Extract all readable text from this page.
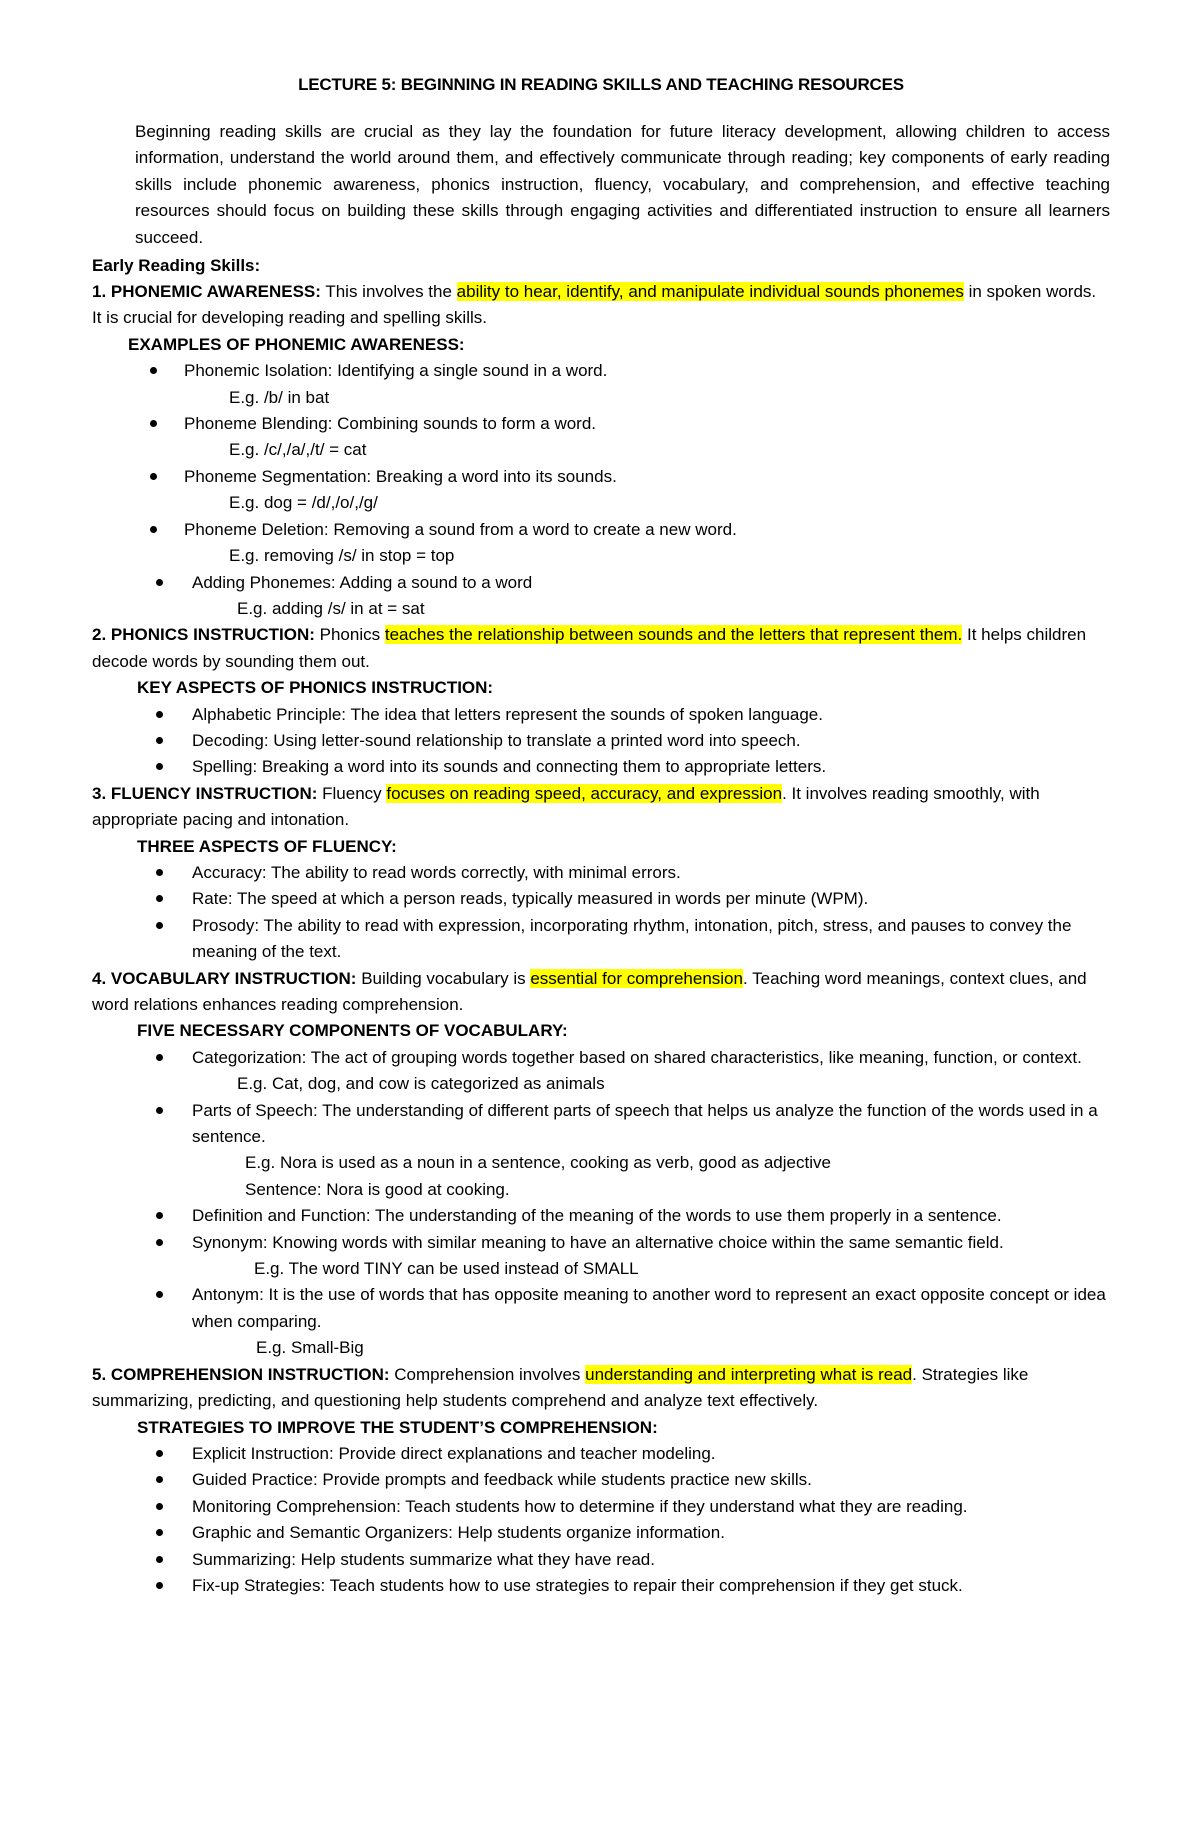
LECTURE 5: BEGINNING IN READING SKILLS AND TEACHING RESOURCES

Beginning reading skills are crucial as they lay the foundation for future literacy development, allowing children to access information, understand the world around them, and effectively communicate through reading; key components of early reading skills include phonemic awareness, phonics instruction, fluency, vocabulary, and comprehension, and effective teaching resources should focus on building these skills through engaging activities and differentiated instruction to ensure all learners succeed.

Early Reading Skills:

1. PHONEMIC AWARENESS: This involves the ability to hear, identify, and manipulate individual sounds phonemes in spoken words. It is crucial for developing reading and spelling skills.

EXAMPLES OF PHONEMIC AWARENESS:
Phonemic Isolation: Identifying a single sound in a word.

E.g. /b/ in bat

Phoneme Blending: Combining sounds to form a word.

E.g. /c/,/a/,/t/ = cat

Phoneme Segmentation: Breaking a word into its sounds.

E.g. dog = /d/,/o/,/g/

Phoneme Deletion: Removing a sound from a word to create a new word.

E.g. removing /s/ in stop = top

Adding Phonemes: Adding a sound to a word

E.g. adding /s/ in at = sat

2. PHONICS INSTRUCTION: Phonics teaches the relationship between sounds and the letters that represent them. It helps children decode words by sounding them out.

KEY ASPECTS OF PHONICS INSTRUCTION:
Alphabetic Principle: The idea that letters represent the sounds of spoken language.
Decoding: Using letter-sound relationship to translate a printed word into speech.
Spelling: Breaking a word into its sounds and connecting them to appropriate letters.

3. FLUENCY INSTRUCTION: Fluency focuses on reading speed, accuracy, and expression. It involves reading smoothly, with appropriate pacing and intonation.

THREE ASPECTS OF FLUENCY:
Accuracy: The ability to read words correctly, with minimal errors.
Rate: The speed at which a person reads, typically measured in words per minute (WPM).
Prosody: The ability to read with expression, incorporating rhythm, intonation, pitch, stress, and pauses to convey the meaning of the text.

4. VOCABULARY INSTRUCTION: Building vocabulary is essential for comprehension. Teaching word meanings, context clues, and word relations enhances reading comprehension.

FIVE NECESSARY COMPONENTS OF VOCABULARY:
Categorization: The act of grouping words together based on shared characteristics, like meaning, function, or context.

E.g. Cat, dog, and cow is categorized as animals

Parts of Speech: The understanding of different parts of speech that helps us analyze the function of the words used in a sentence.

E.g. Nora is used as a noun in a sentence, cooking as verb, good as adjective

Sentence: Nora is good at cooking.

Definition and Function: The understanding of the meaning of the words to use them properly in a sentence.
Synonym: Knowing words with similar meaning to have an alternative choice within the same semantic field.

E.g. The word TINY can be used instead of SMALL

Antonym: It is the use of words that has opposite meaning to another word to represent an exact opposite concept or idea when comparing.

E.g. Small-Big

5. COMPREHENSION INSTRUCTION: Comprehension involves understanding and interpreting what is read. Strategies like summarizing, predicting, and questioning help students comprehend and analyze text effectively.

STRATEGIES TO IMPROVE THE STUDENT’S COMPREHENSION:
Explicit Instruction: Provide direct explanations and teacher modeling.
Guided Practice: Provide prompts and feedback while students practice new skills.
Monitoring Comprehension: Teach students how to determine if they understand what they are reading.
Graphic and Semantic Organizers: Help students organize information.
Summarizing: Help students summarize what they have read.
Fix-up Strategies: Teach students how to use strategies to repair their comprehension if they get stuck.
